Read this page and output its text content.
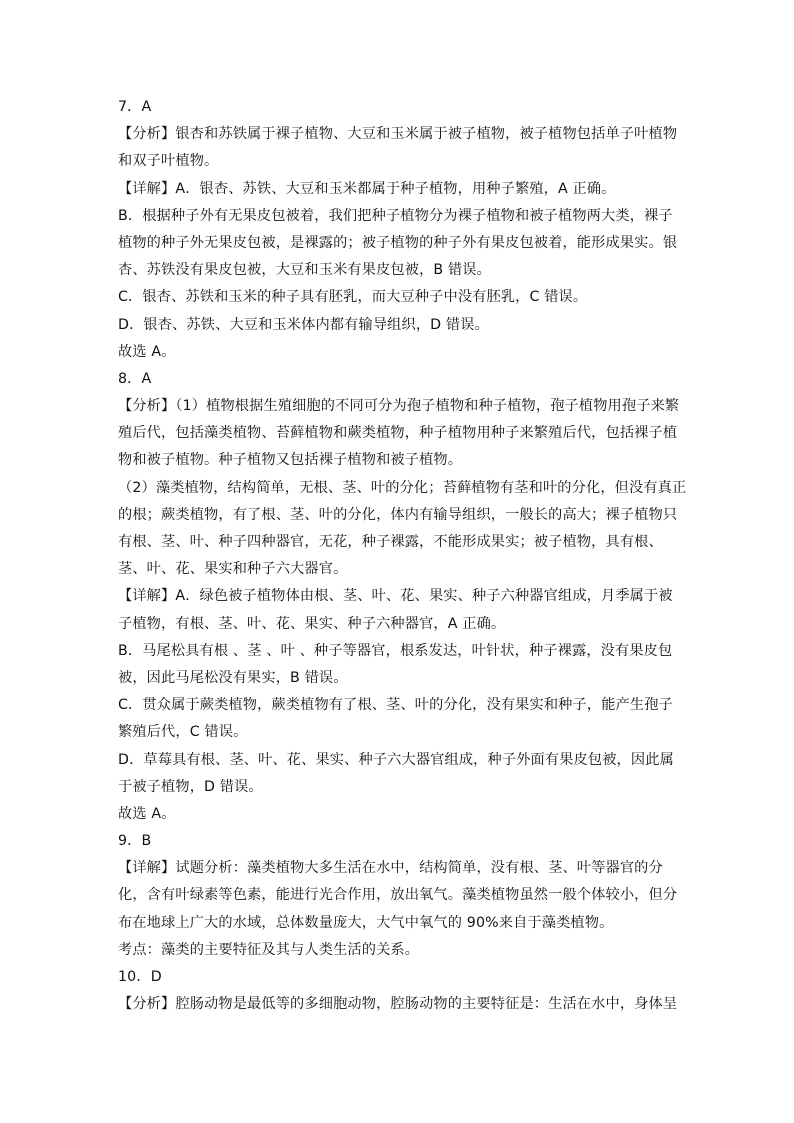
7．A
【分析】银杏和苏铁属于裸子植物、大豆和玉米属于被子植物，被子植物包括单子叶植物
和双子叶植物。
【详解】A．银杏、苏铁、大豆和玉米都属于种子植物，用种子繁殖，A 正确。
B．根据种子外有无果皮包被着，我们把种子植物分为裸子植物和被子植物两大类，裸子
植物的种子外无果皮包被，是裸露的；被子植物的种子外有果皮包被着，能形成果实。银
杏、苏铁没有果皮包被，大豆和玉米有果皮包被，B 错误。
C．银杏、苏铁和玉米的种子具有胚乳，而大豆种子中没有胚乳，C 错误。
D．银杏、苏铁、大豆和玉米体内都有输导组织，D 错误。
故选 A。
8．A
【分析】（1）植物根据生殖细胞的不同可分为孢子植物和种子植物，孢子植物用孢子来繁
殖后代，包括藻类植物、苔藓植物和蕨类植物，种子植物用种子来繁殖后代，包括裸子植
物和被子植物。种子植物又包括裸子植物和被子植物。
（2）藻类植物，结构简单，无根、茎、叶的分化；苔藓植物有茎和叶的分化，但没有真正
的根；蕨类植物，有了根、茎、叶的分化，体内有输导组织，一般长的高大；裸子植物只
有根、茎、叶、种子四种器官，无花，种子裸露，不能形成果实；被子植物，具有根、
茎、叶、花、果实和种子六大器官。
【详解】A．绿色被子植物体由根、茎、叶、花、果实、种子六种器官组成，月季属于被
子植物，有根、茎、叶、花、果实、种子六种器官，A 正确。
B．马尾松具有根 、茎 、叶 、种子等器官，根系发达，叶针状，种子裸露，没有果皮包
被，因此马尾松没有果实，B 错误。
C．贯众属于蕨类植物，蕨类植物有了根、茎、叶的分化，没有果实和种子，能产生孢子
繁殖后代，C 错误。
D．草莓具有根、茎、叶、花、果实、种子六大器官组成，种子外面有果皮包被，因此属
于被子植物，D 错误。
故选 A。
9．B
【详解】试题分析：藻类植物大多生活在水中，结构简单，没有根、茎、叶等器官的分
化，含有叶绿素等色素，能进行光合作用，放出氧气。藻类植物虽然一般个体较小，但分
布在地球上广大的水域，总体数量庞大，大气中氧气的 90%来自于藻类植物。
考点：藻类的主要特征及其与人类生活的关系。
10．D
【分析】腔肠动物是最低等的多细胞动物，腔肠动物的主要特征是：生活在水中，身体呈
